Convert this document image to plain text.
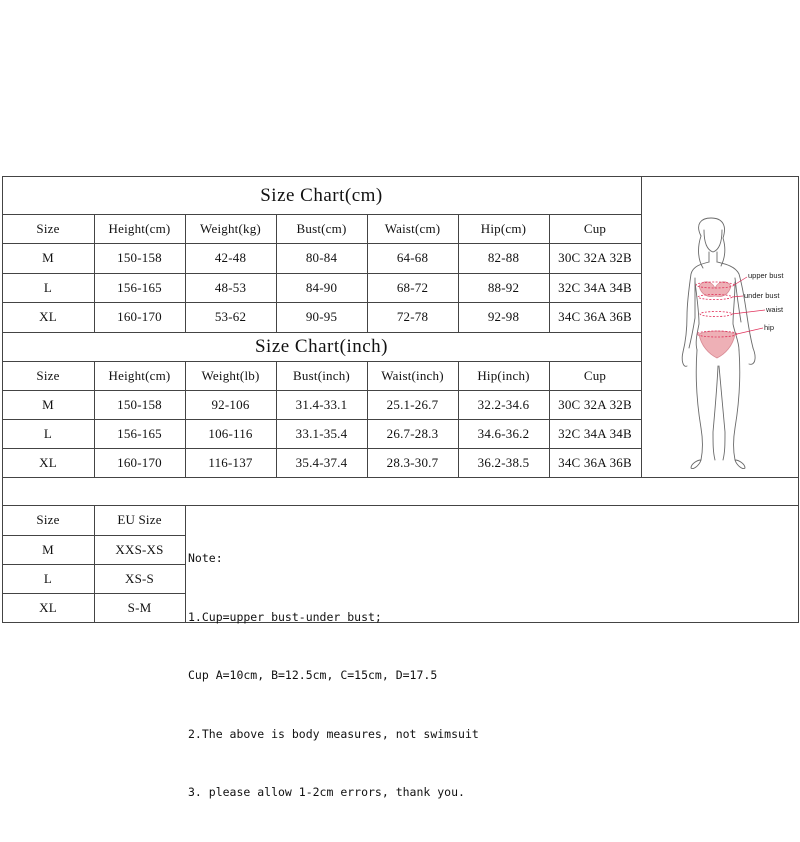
Size Chart(cm)
Size	Height(cm)	Weight(kg)	Bust(cm)	Waist(cm)	Hip(cm)	Cup
M	150-158	42-48	80-84	64-68	82-88	30C 32A 32B
L	156-165	48-53	84-90	68-72	88-92	32C 34A 34B
XL	160-170	53-62	90-95	72-78	92-98	34C 36A 36B
Size Chart(inch)
Size	Height(cm)	Weight(lb)	Bust(inch)	Waist(inch)	Hip(inch)	Cup
M	150-158	92-106	31.4-33.1	25.1-26.7	32.2-34.6	30C 32A 32B
L	156-165	106-116	33.1-35.4	26.7-28.3	34.6-36.2	32C 34A 34B
XL	160-170	116-137	35.4-37.4	28.3-30.7	36.2-38.5	34C 36A 36B
Size	EU Size
M	XXS-XS
L	XS-S
XL	S-M

Note:

1.Cup=upper bust-under bust;

Cup A=10cm, B=12.5cm, C=15cm, D=17.5

2.The above is body measures, not swimsuit

3. please allow 1-2cm errors, thank you.

upper bust
under bust
waist
hip
